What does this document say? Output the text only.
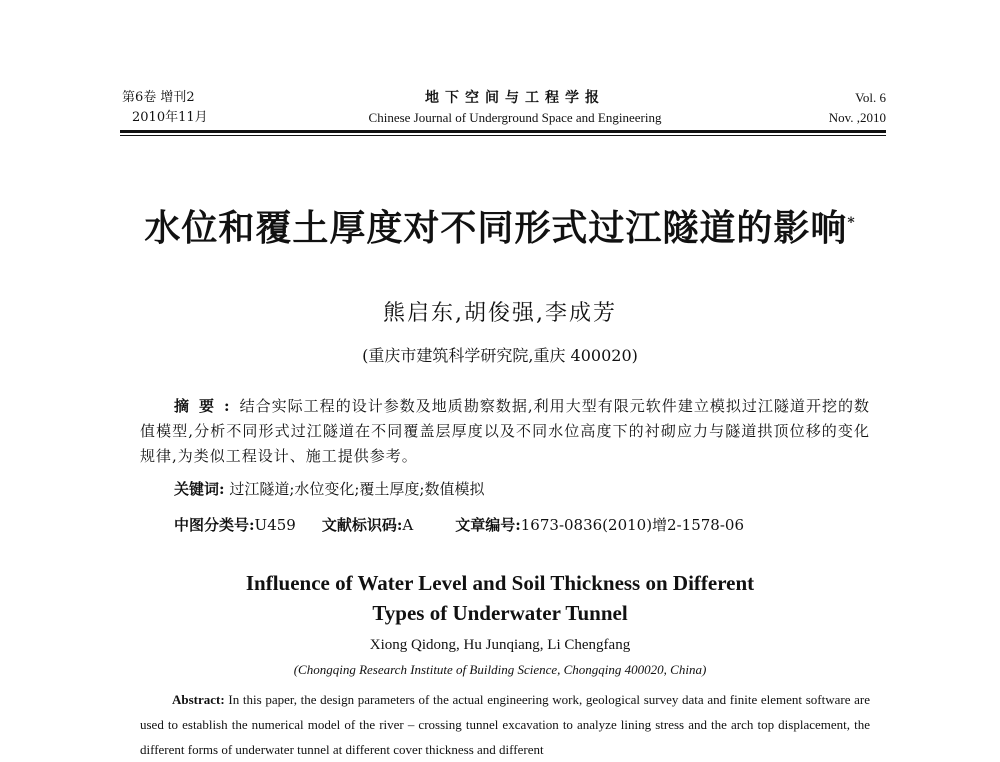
第6卷 增刊2
2010年11月
地下空间与工程学报
Chinese Journal of Underground Space and Engineering
Vol. 6
Nov. ,2010
水位和覆土厚度对不同形式过江隧道的影响*
熊启东,胡俊强,李成芳
(重庆市建筑科学研究院,重庆 400020)
摘要:结合实际工程的设计参数及地质勘察数据,利用大型有限元软件建立模拟过江隧道开挖的数值模型,分析不同形式过江隧道在不同覆盖层厚度以及不同水位高度下的衬砌应力与隧道拱顶位移的变化规律,为类似工程设计、施工提供参考。
关键词: 过江隧道;水位变化;覆土厚度;数值模拟
中图分类号:U459 文献标识码:A	文章编号:1673-0836(2010)增2-1578-06
Influence of Water Level and Soil Thickness on Different
Types of Underwater Tunnel
Xiong Qidong, Hu Junqiang, Li Chengfang
(Chongqing Research Institute of Building Science, Chongqing 400020, China)
Abstract: In this paper, the design parameters of the actual engineering work, geological survey data and finite element software are used to establish the numerical model of the river – crossing tunnel excavation to analyze lining stress and the arch top displacement, the different forms of underwater tunnel at different cover thickness and different
